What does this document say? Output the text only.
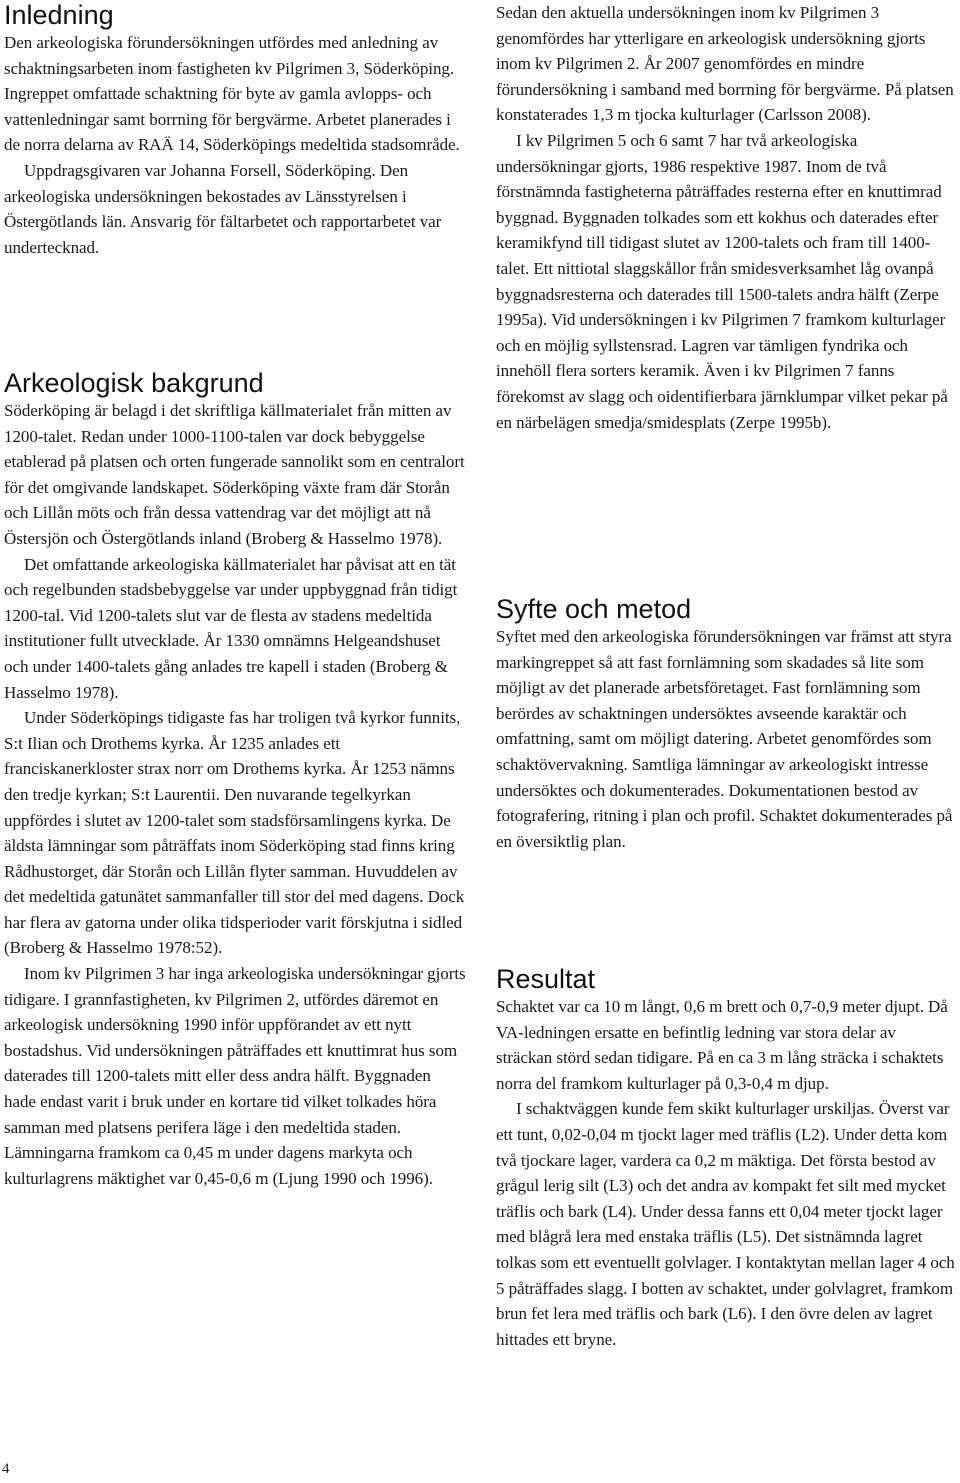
Inledning

Den arkeologiska förundersökningen utfördes med anledning av schaktningsarbeten inom fastigheten kv Pilgrimen 3, Söderköping. Ingreppet omfattade schaktning för byte av gamla avlopps- och vattenledningar samt borrning för bergvärme. Arbetet planerades i de norra delarna av RAÄ 14, Söderköpings medeltida stadsområde.

Uppdragsgivaren var Johanna Forsell, Söderköping. Den arkeologiska undersökningen bekostades av Länsstyrelsen i Östergötlands län. Ansvarig för fältarbetet och rapportarbetet var undertecknad.

Arkeologisk bakgrund

Söderköping är belagd i det skriftliga källmaterialet från mitten av 1200-talet. Redan under 1000-1100-talen var dock bebyggelse etablerad på platsen och orten fungerade sannolikt som en centralort för det omgivande landskapet. Söderköping växte fram där Storån och Lillån möts och från dessa vattendrag var det möjligt att nå Östersjön och Östergötlands inland (Broberg & Hasselmo 1978).

Det omfattande arkeologiska källmaterialet har påvisat att en tät och regelbunden stadsbebyggelse var under uppbyggnad från tidigt 1200-tal. Vid 1200-talets slut var de flesta av stadens medeltida institutioner fullt utvecklade. År 1330 omnämns Helgeandshuset och under 1400-talets gång anlades tre kapell i staden (Broberg & Hasselmo 1978).

Under Söderköpings tidigaste fas har troligen två kyrkor funnits, S:t Ilian och Drothems kyrka. År 1235 anlades ett franciskanerkloster strax norr om Drothems kyrka. År 1253 nämns den tredje kyrkan; S:t Laurentii. Den nuvarande tegelkyrkan uppfördes i slutet av 1200-talet som stadsförsamlingens kyrka. De äldsta lämningar som påträffats inom Söderköping stad finns kring Rådhustorget, där Storån och Lillån flyter samman. Huvuddelen av det medeltida gatunätet sammanfaller till stor del med dagens. Dock har flera av gatorna under olika tidsperioder varit förskjutna i sidled (Broberg & Hasselmo 1978:52).

Inom kv Pilgrimen 3 har inga arkeologiska undersökningar gjorts tidigare. I grannfastigheten, kv Pilgrimen 2, utfördes däremot en arkeologisk undersökning 1990 inför uppförandet av ett nytt bostadshus. Vid undersökningen påträffades ett knuttimrat hus som daterades till 1200-talets mitt eller dess andra hälft. Byggnaden hade endast varit i bruk under en kortare tid vilket tolkades höra samman med platsens perifera läge i den medeltida staden. Lämningarna framkom ca 0,45 m under dagens markyta och kulturlagrens mäktighet var 0,45-0,6 m (Ljung 1990 och 1996).

Sedan den aktuella undersökningen inom kv Pilgrimen 3 genomfördes har ytterligare en arkeologisk undersökning gjorts inom kv Pilgrimen 2. År 2007 genomfördes en mindre förundersökning i samband med borrning för bergvärme. På platsen konstaterades 1,3 m tjocka kulturlager (Carlsson 2008).

I kv Pilgrimen 5 och 6 samt 7 har två arkeologiska undersökningar gjorts, 1986 respektive 1987. Inom de två förstnämnda fastigheterna påträffades resterna efter en knuttimrad byggnad. Byggnaden tolkades som ett kokhus och daterades efter keramikfynd till tidigast slutet av 1200-talets och fram till 1400-talet. Ett nittiotal slaggskållor från smidesverksamhet låg ovanpå byggnadsresterna och daterades till 1500-talets andra hälft (Zerpe 1995a). Vid undersökningen i kv Pilgrimen 7 framkom kulturlager och en möjlig syllstensrad. Lagren var tämligen fyndrika och innehöll flera sorters keramik. Även i kv Pilgrimen 7 fanns förekomst av slagg och oidentifierbara järnklumpar vilket pekar på en närbelägen smedja/smidesplats (Zerpe 1995b).

Syfte och metod

Syftet med den arkeologiska förundersökningen var främst att styra markingreppet så att fast fornlämning som skadades så lite som möjligt av det planerade arbetsföretaget. Fast fornlämning som berördes av schaktningen undersöktes avseende karaktär och omfattning, samt om möjligt datering. Arbetet genomfördes som schaktövervakning. Samtliga lämningar av arkeologiskt intresse undersöktes och dokumenterades. Dokumentationen bestod av fotografering, ritning i plan och profil. Schaktet dokumenterades på en översiktlig plan.

Resultat

Schaktet var ca 10 m långt, 0,6 m brett och 0,7-0,9 meter djupt. Då VA-ledningen ersatte en befintlig ledning var stora delar av sträckan störd sedan tidigare. På en ca 3 m lång sträcka i schaktets norra del framkom kulturlager på 0,3-0,4 m djup.

I schaktväggen kunde fem skikt kulturlager urskiljas. Överst var ett tunt, 0,02-0,04 m tjockt lager med träflis (L2). Under detta kom två tjockare lager, vardera ca 0,2 m mäktiga. Det första bestod av grågul lerig silt (L3) och det andra av kompakt fet silt med mycket träflis och bark (L4). Under dessa fanns ett 0,04 meter tjockt lager med blågrå lera med enstaka träflis (L5). Det sistnämnda lagret tolkas som ett eventuellt golvlager. I kontaktytan mellan lager 4 och 5 påträffades slagg. I botten av schaktet, under golvlagret, framkom brun fet lera med träflis och bark (L6). I den övre delen av lagret hittades ett bryne.

4
